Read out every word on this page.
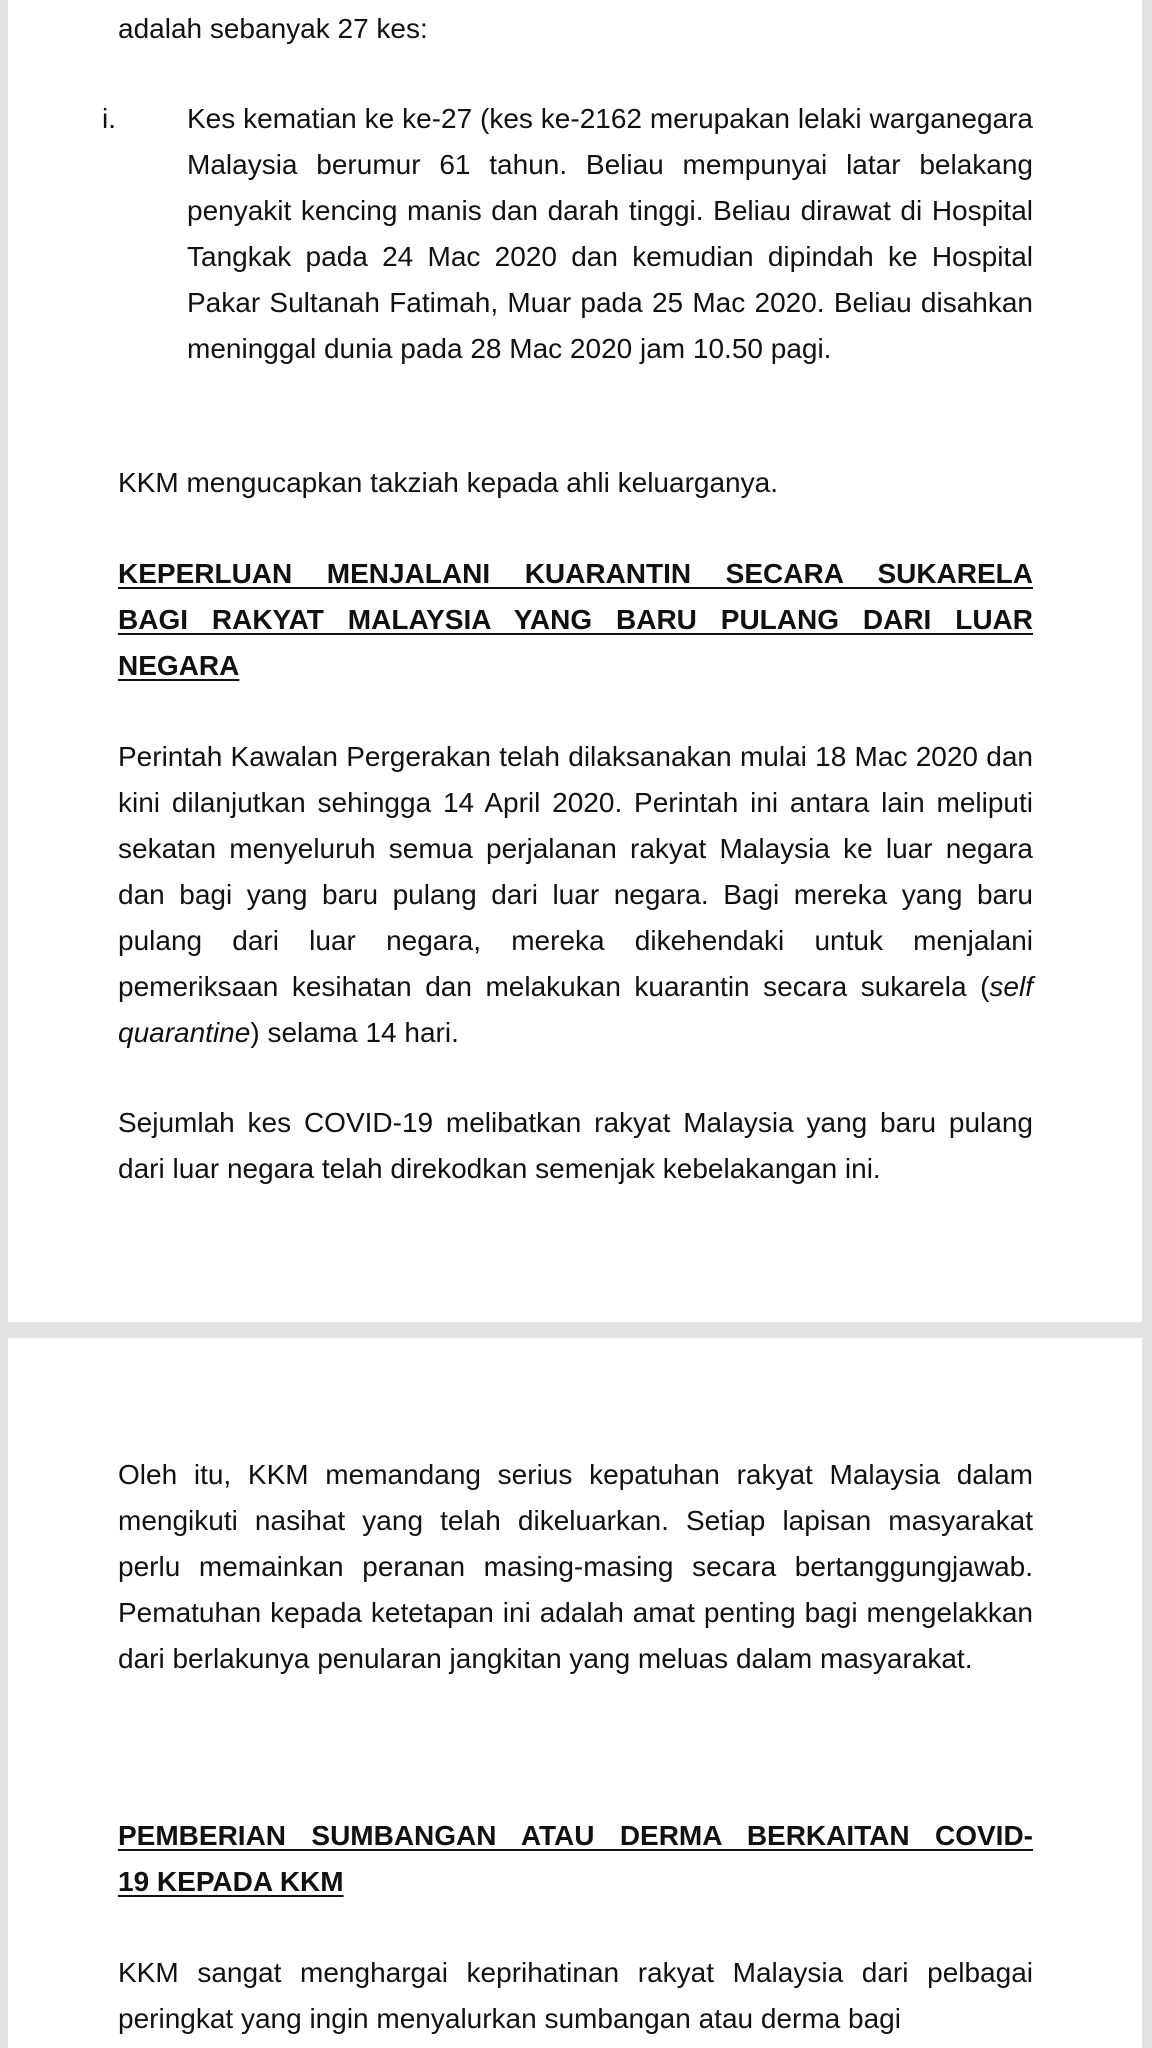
adalah sebanyak 27 kes:

i.	Kes kematian ke ke-27 (kes ke-2162 merupakan lelaki warganegara Malaysia berumur 61 tahun. Beliau mempunyai latar belakang penyakit kencing manis dan darah tinggi. Beliau dirawat di Hospital Tangkak pada 24 Mac 2020 dan kemudian dipindah ke Hospital Pakar Sultanah Fatimah, Muar pada 25 Mac 2020. Beliau disahkan meninggal dunia pada 28 Mac 2020 jam 10.50 pagi.

KKM mengucapkan takziah kepada ahli keluarganya.

KEPERLUAN MENJALANI KUARANTIN SECARA SUKARELA
BAGI RAKYAT MALAYSIA YANG BARU PULANG DARI LUAR
NEGARA

Perintah Kawalan Pergerakan telah dilaksanakan mulai 18 Mac 2020 dan kini dilanjutkan sehingga 14 April 2020. Perintah ini antara lain meliputi sekatan menyeluruh semua perjalanan rakyat Malaysia ke luar negara dan bagi yang baru pulang dari luar negara. Bagi mereka yang baru pulang dari luar negara, mereka dikehendaki untuk menjalani pemeriksaan kesihatan dan melakukan kuarantin secara sukarela (self quarantine) selama 14 hari.

Sejumlah kes COVID-19 melibatkan rakyat Malaysia yang baru pulang dari luar negara telah direkodkan semenjak kebelakangan ini.

Oleh itu, KKM memandang serius kepatuhan rakyat Malaysia dalam mengikuti nasihat yang telah dikeluarkan. Setiap lapisan masyarakat perlu memainkan peranan masing-masing secara bertanggungjawab. Pematuhan kepada ketetapan ini adalah amat penting bagi mengelakkan dari berlakunya penularan jangkitan yang meluas dalam masyarakat.

PEMBERIAN SUMBANGAN ATAU DERMA BERKAITAN COVID-
19 KEPADA KKM

KKM sangat menghargai keprihatinan rakyat Malaysia dari pelbagai peringkat yang ingin menyalurkan sumbangan atau derma bagi
